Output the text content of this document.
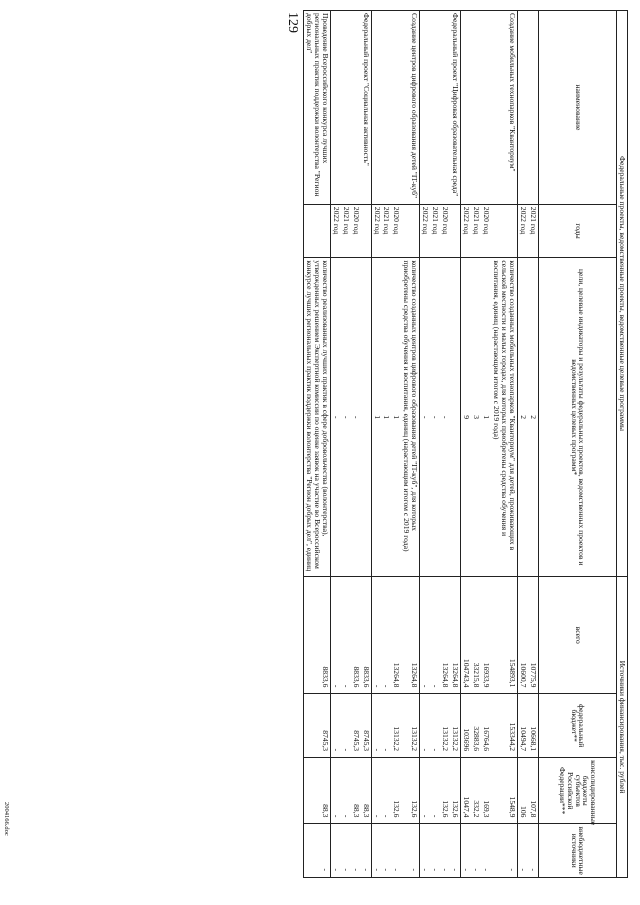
129
Федеральные проекты, ведомственные проекты, ведомственные целевые программы			Источники финансирования, тыс. рублей			
наименование	годы	цели, целевые индикаторы и результаты федеральных проектов, ведомственных проектов и ведомственных целевых программ*	всего	федеральный бюджет**	консолидированные бюджеты субъектов Российской Федерации***	внебюджетные источники
	2021 год	2	10775,9	10668,1	107,8	-
	2022 год	2	10600,7	10494,7	106	-
Создание мобильных технопарков "Кванториум"		количество созданных мобильных технопарков "Кванториум" для детей, проживающих в сельской местности и малых городах, для которых приобретены средства обучения и воспитания, единиц (нарастающим итогом с 2019 года)	154893,1	153344,2	1548,9	-
	2020 год	1	16933,9	16764,6	169,3	-
	2021 год	3	33215,8	32883,6	332,2	-
	2022 год	9	104743,4	103696	1047,4	-
Федеральный проект "Цифровая образовательная среда"			13264,8	13132,2	132,6	-
	2020 год	-	13264,8	13132,2	132,6	-
	2021 год	-	-	-	-	-
	2022 год	-	-	-	-	-
Создание центров цифрового образования детей "IT-куб"		количество созданных центров цифрового образования детей "IT-куб", для которых приобретены средства обучения и воспитания, единиц (нарастающим итогом с 2019 года)	13264,8	13132,2	132,6	-
	2020 год	1	13264,8	13132,2	132,6	-
	2021 год	1	-	-	-	-
	2022 год	1	-	-	-	-
Федеральный проект "Социальная активность"			8833,6	8745,3	88,3	-
	2020 год	-	8833,6	8745,3	88,3	-
	2021 год	-	-	-	-	-
	2022 год	-	-	-	-	-
Проведение Всероссийского конкурса лучших региональных практик поддержки волонтерства "Регион добрых дел"		количество реализованных лучших практик в сфере добровольчества (волонтерства), утвержденных решением Экспертной комиссии по оценке заявок на участие во Всероссийском конкурсе лучших региональных практик поддержки волонтерства "Регион добрых дел", единиц	8833,6	8745,3	88,3	-
2004166.doc
